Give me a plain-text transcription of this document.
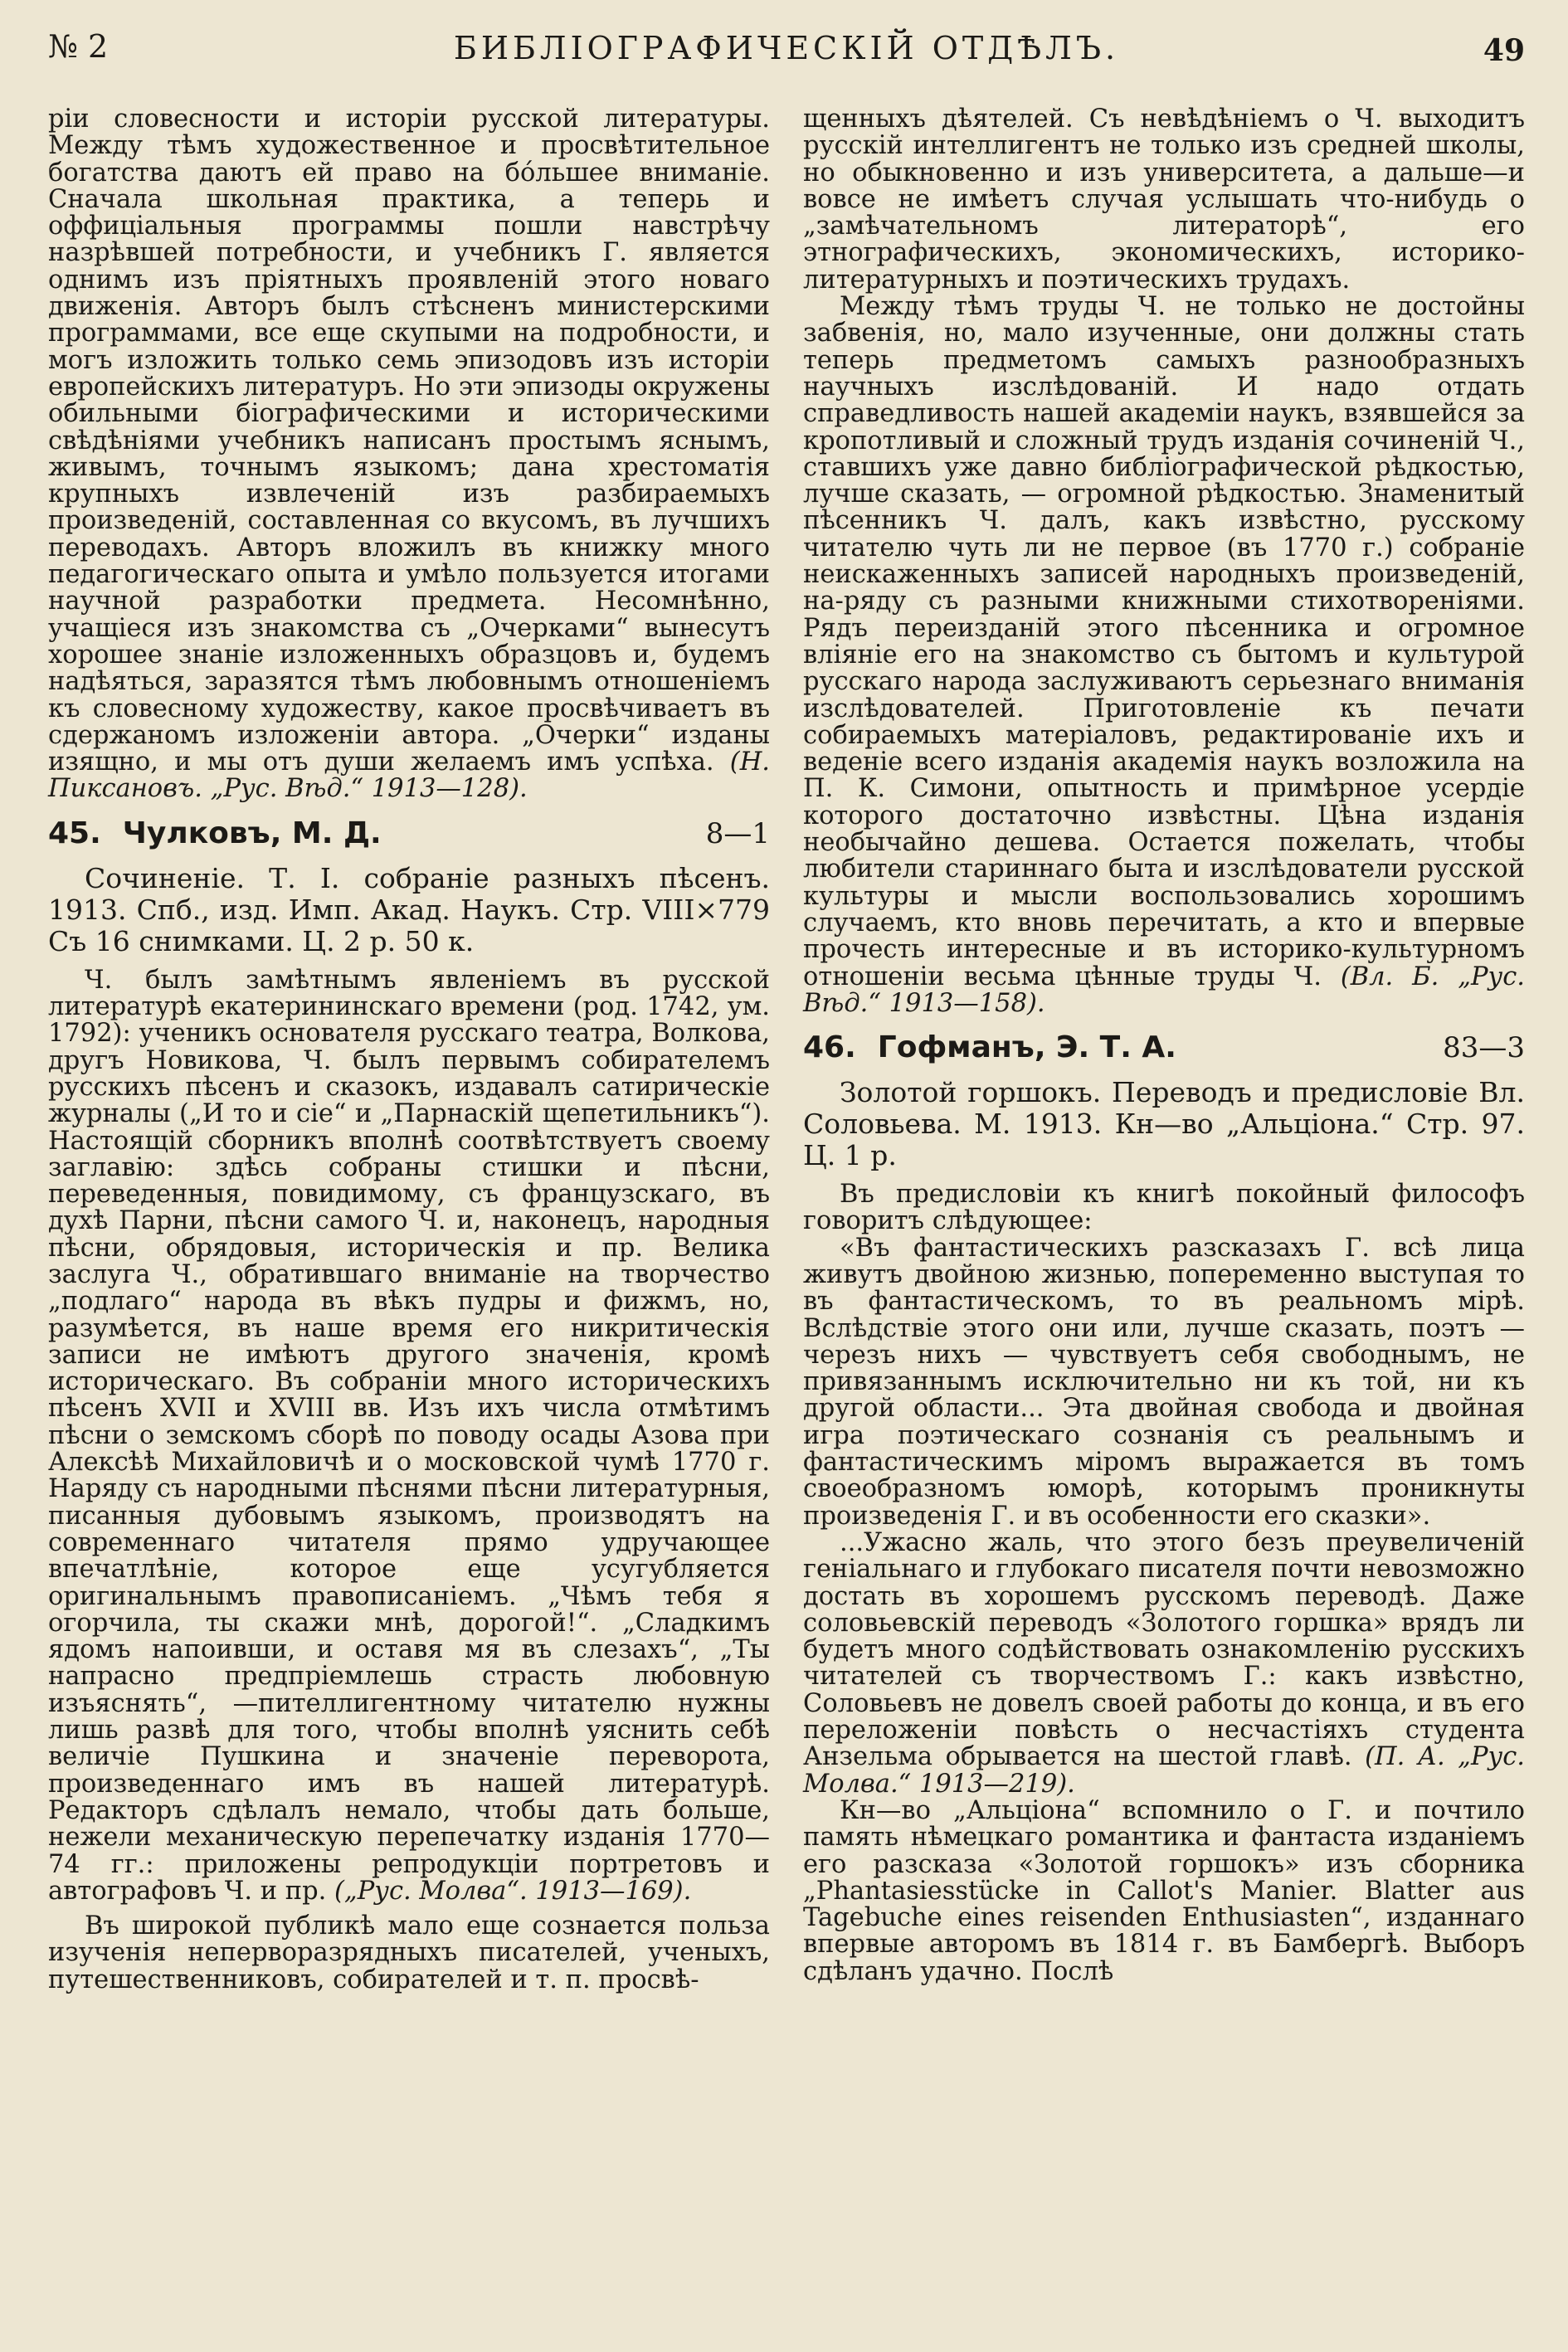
№ 2	БИБЛІОГРАФИЧЕСКІЙ ОТДѢЛЪ.	49

ріи словесности и исторіи русской литературы. Между тѣмъ художественное и просвѣтительное богатства даютъ ей право на бóльшее вниманіе. Сначала школьная практика, а теперь и оффиціальныя программы пошли навстрѣчу назрѣвшей потребности, и учебникъ Г. является однимъ изъ пріятныхъ проявленій этого новаго движенія. Авторъ былъ стѣсненъ министерскими программами, все еще скупыми на подробности, и могъ изложить только семь эпизодовъ изъ исторіи европейскихъ литературъ. Но эти эпизоды окружены обильными біографическими и историческими свѣдѣніями учебникъ написанъ простымъ яснымъ, живымъ, точнымъ языкомъ; дана хрестоматія крупныхъ извлеченій изъ разбираемыхъ произведеній, составленная со вкусомъ, въ лучшихъ переводахъ. Авторъ вложилъ въ книжку много педагогическаго опыта и умѣло пользуется итогами научной разработки предмета. Несомнѣнно, учащіеся изъ знакомства съ „Очерками“ вынесутъ хорошее знаніе изложенныхъ образцовъ и, будемъ надѣяться, заразятся тѣмъ любовнымъ отношеніемъ къ словесному художеству, какое просвѣчиваетъ въ сдержаномъ изложеніи автора. „Очерки“ изданы изящно, и мы отъ души желаемъ имъ успѣха. (Н. Пиксановъ. „Рус. Вѣд.“ 1913—128).

45. Чулковъ, М. Д.	8—1

Сочиненіе. Т. I. собраніе разныхъ пѣсенъ. 1913. Спб., изд. Имп. Акад. Наукъ. Стр. VIII×779 Съ 16 снимками. Ц. 2 р. 50 к.

Ч. былъ замѣтнымъ явленіемъ въ русской литературѣ екатерининскаго времени (род. 1742, ум. 1792): ученикъ основателя русскаго театра, Волкова, другъ Новикова, Ч. былъ первымъ собирателемъ русскихъ пѣсенъ и сказокъ, издавалъ сатирическіе журналы („И то и сіе“ и „Парнаскій щепетильникъ“). Настоящій сборникъ вполнѣ соотвѣтствуетъ своему заглавію: здѣсь собраны стишки и пѣсни, переведенныя, повидимому, съ французскаго, въ духѣ Парни, пѣсни самого Ч. и, наконецъ, народныя пѣсни, обрядовыя, историческія и пр. Велика заслуга Ч., обратившаго вниманіе на творчество „подлаго“ народа въ вѣкъ пудры и фижмъ, но, разумѣется, въ наше время его никритическія записи не имѣютъ другого значенія, кромѣ историческаго. Въ собраніи много историческихъ пѣсенъ XVII и XVIII вв. Изъ ихъ числа отмѣтимъ пѣсни о земскомъ сборѣ по поводу осады Азова при Алексѣѣ Михайловичѣ и о московской чумѣ 1770 г. Наряду съ народными пѣснями пѣсни литературныя, писанныя дубовымъ языкомъ, производятъ на современнаго читателя прямо удручающее впечатлѣніе, которое еще усугубляется оригинальнымъ правописаніемъ. „Чѣмъ тебя я огорчила, ты скажи мнѣ, дорогой!“. „Сладкимъ ядомъ напоивши, и оставя мя въ слезахъ“, „Ты напрасно предпріемлешь страсть любовную изъяснять“, —пителлигентному читателю нужны лишь развѣ для того, чтобы вполнѣ уяснить себѣ величіе Пушкина и значеніе переворота, произведеннаго имъ въ нашей литературѣ. Редакторъ сдѣлалъ немало, чтобы дать больше, нежели механическую перепечатку изданія 1770—74 гг.: приложены репродукціи портретовъ и автографовъ Ч. и пр. („Рус. Молва“. 1913—169).

Въ широкой публикѣ мало еще сознается польза изученія неперворазрядныхъ писателей, ученыхъ, путешественниковъ, собирателей и т. п. просвѣ-

щенныхъ дѣятелей. Съ невѣдѣніемъ о Ч. выходитъ русскій интеллигентъ не только изъ средней школы, но обыкновенно и изъ университета, а дальше—и вовсе не имѣетъ случая услышать что-нибудь о „замѣчательномъ литераторѣ“, его этнографическихъ, экономическихъ, историко-литературныхъ и поэтическихъ трудахъ.

Между тѣмъ труды Ч. не только не достойны забвенія, но, мало изученные, они должны стать теперь предметомъ самыхъ разнообразныхъ научныхъ изслѣдованій. И надо отдать справедливость нашей академіи наукъ, взявшейся за кропотливый и сложный трудъ изданія сочиненій Ч., ставшихъ уже давно библіографической рѣдкостью, лучше сказать, — огромной рѣдкостью. Знаменитый пѣсенникъ Ч. далъ, какъ извѣстно, русскому читателю чуть ли не первое (въ 1770 г.) собраніе неискаженныхъ записей народныхъ произведеній, на-ряду съ разными книжными стихотвореніями. Рядъ переизданій этого пѣсенника и огромное вліяніе его на знакомство съ бытомъ и культурой русскаго народа заслуживаютъ серьезнаго вниманія изслѣдователей. Приготовленіе къ печати собираемыхъ матеріаловъ, редактированіе ихъ и веденіе всего изданія академія наукъ возложила на П. К. Симони, опытность и примѣрное усердіе которого достаточно извѣстны. Цѣна изданія необычайно дешева. Остается пожелать, чтобы любители стариннаго быта и изслѣдователи русской культуры и мысли воспользовались хорошимъ случаемъ, кто вновь перечитать, а кто и впервые прочесть интересные и въ историко-культурномъ отношеніи весьма цѣнные труды Ч. (Вл. Б. „Рус. Вѣд.“ 1913—158).

46. Гофманъ, Э. Т. А.	83—3

Золотой горшокъ. Переводъ и предисловіе Вл. Соловьева. М. 1913. Кн—во „Альціона.“ Стр. 97. Ц. 1 р.

Въ предисловіи къ книгѣ покойный философъ говоритъ слѣдующее:

«Въ фантастическихъ разсказахъ Г. всѣ лица живутъ двойною жизнью, попеременно выступая то въ фантастическомъ, то въ реальномъ мірѣ. Вслѣдствіе этого они или, лучше сказать, поэтъ — черезъ нихъ — чувствуетъ себя свободнымъ, не привязаннымъ исключительно ни къ той, ни къ другой области... Эта двойная свобода и двойная игра поэтическаго сознанія съ реальнымъ и фантастическимъ міромъ выражается въ томъ своеобразномъ юморѣ, которымъ проникнуты произведенія Г. и въ особенности его сказки».

...Ужасно жаль, что этого безъ преувеличеній геніальнаго и глубокаго писателя почти невозможно достать въ хорошемъ русскомъ переводѣ. Даже соловьевскій переводъ «Золотого горшка» врядъ ли будетъ много содѣйствовать ознакомленію русскихъ читателей съ творчествомъ Г.: какъ извѣстно, Соловьевъ не довелъ своей работы до конца, и въ его переложеніи повѣсть о несчастіяхъ студента Анзельма обрывается на шестой главѣ. (П. А. „Рус. Молва.“ 1913—219).

Кн—во „Альціона“ вспомнило о Г. и почтило память нѣмецкаго романтика и фантаста изданіемъ его разсказа «Золотой горшокъ» изъ сборника „Phantasiesstücke in Callot's Manier. Blatter aus Tagebuche eines reisenden Enthusiasten“, изданнаго впервые авторомъ въ 1814 г. въ Бамбергѣ. Выборъ сдѣланъ удачно. Послѣ
